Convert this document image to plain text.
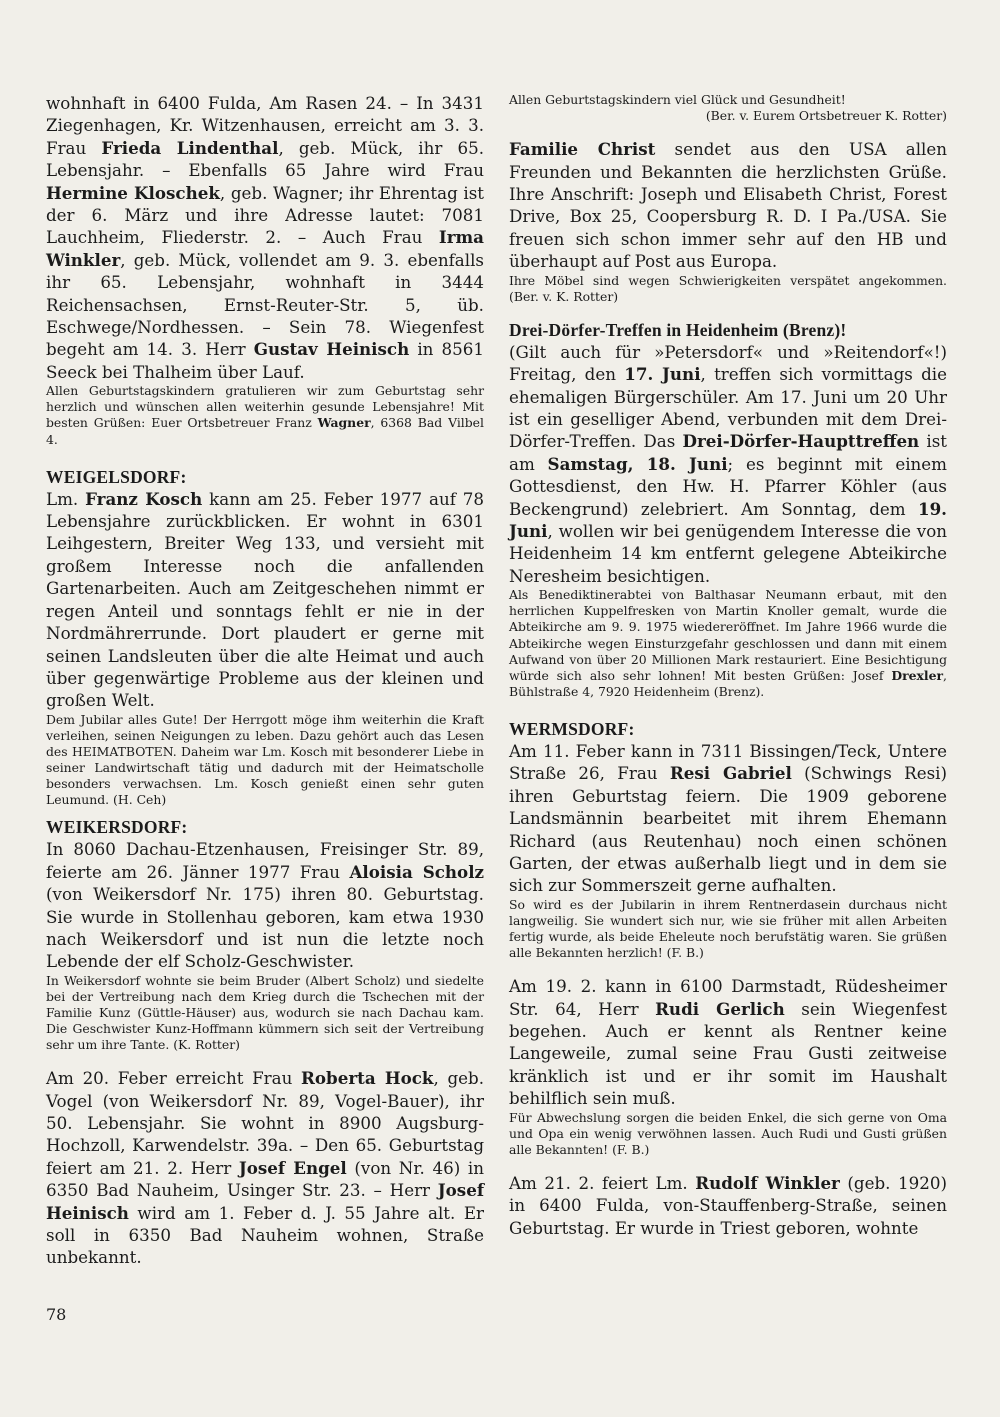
wohnhaft in 6400 Fulda, Am Rasen 24. – In 3431 Ziegenhagen, Kr. Witzenhausen, erreicht am 3. 3. Frau Frieda Lindenthal, geb. Mück, ihr 65. Lebensjahr. – Ebenfalls 65 Jahre wird Frau Hermine Kloschek, geb. Wagner; ihr Ehrentag ist der 6. März und ihre Adresse lautet: 7081 Lauchheim, Fliederstr. 2. – Auch Frau Irma Winkler, geb. Mück, vollendet am 9. 3. ebenfalls ihr 65. Lebensjahr, wohnhaft in 3444 Reichensachsen, Ernst-Reuter-Str. 5, üb. Eschwege/Nordhessen. – Sein 78. Wiegenfest begeht am 14. 3. Herr Gustav Heinisch in 8561 Seeck bei Thalheim über Lauf.

Allen Geburtstagskindern gratulieren wir zum Geburtstag sehr herzlich und wünschen allen weiterhin gesunde Lebensjahre! Mit besten Grüßen: Euer Ortsbetreuer Franz Wagner, 6368 Bad Vilbel 4.

WEIGELSDORF:

Lm. Franz Kosch kann am 25. Feber 1977 auf 78 Lebensjahre zurückblicken. Er wohnt in 6301 Leihgestern, Breiter Weg 133, und versieht mit großem Interesse noch die anfallenden Gartenarbeiten. Auch am Zeitgeschehen nimmt er regen Anteil und sonntags fehlt er nie in der Nordmährerrunde. Dort plaudert er gerne mit seinen Landsleuten über die alte Heimat und auch über gegenwärtige Probleme aus der kleinen und großen Welt.

Dem Jubilar alles Gute! Der Herrgott möge ihm weiterhin die Kraft verleihen, seinen Neigungen zu leben. Dazu gehört auch das Lesen des HEIMATBOTEN. Daheim war Lm. Kosch mit besonderer Liebe in seiner Landwirtschaft tätig und dadurch mit der Heimatscholle besonders verwachsen. Lm. Kosch genießt einen sehr guten Leumund. (H. Ceh)

WEIKERSDORF:

In 8060 Dachau-Etzenhausen, Freisinger Str. 89, feierte am 26. Jänner 1977 Frau Aloisia Scholz (von Weikersdorf Nr. 175) ihren 80. Geburtstag. Sie wurde in Stollenhau geboren, kam etwa 1930 nach Weikersdorf und ist nun die letzte noch Lebende der elf Scholz-Geschwister.

In Weikersdorf wohnte sie beim Bruder (Albert Scholz) und siedelte bei der Vertreibung nach dem Krieg durch die Tschechen mit der Familie Kunz (Güttle-Häuser) aus, wodurch sie nach Dachau kam. Die Geschwister Kunz-Hoffmann kümmern sich seit der Vertreibung sehr um ihre Tante. (K. Rotter)

Am 20. Feber erreicht Frau Roberta Hock, geb. Vogel (von Weikersdorf Nr. 89, Vogel-Bauer), ihr 50. Lebensjahr. Sie wohnt in 8900 Augsburg-Hochzoll, Karwendelstr. 39a. – Den 65. Geburtstag feiert am 21. 2. Herr Josef Engel (von Nr. 46) in 6350 Bad Nauheim, Usinger Str. 23. – Herr Josef Heinisch wird am 1. Feber d. J. 55 Jahre alt. Er soll in 6350 Bad Nauheim wohnen, Straße unbekannt.

Allen Geburtstagskindern viel Glück und Gesundheit!

(Ber. v. Eurem Ortsbetreuer K. Rotter)

Familie Christ sendet aus den USA allen Freunden und Bekannten die herzlichsten Grüße. Ihre Anschrift: Joseph und Elisabeth Christ, Forest Drive, Box 25, Coopersburg R. D. I Pa./USA. Sie freuen sich schon immer sehr auf den HB und überhaupt auf Post aus Europa.

Ihre Möbel sind wegen Schwierigkeiten verspätet angekommen. (Ber. v. K. Rotter)

Drei-Dörfer-Treffen in Heidenheim (Brenz)!

(Gilt auch für »Petersdorf« und »Reitendorf«!) Freitag, den 17. Juni, treffen sich vormittags die ehemaligen Bürgerschüler. Am 17. Juni um 20 Uhr ist ein geselliger Abend, verbunden mit dem Drei-Dörfer-Treffen. Das Drei-Dörfer-Haupttreffen ist am Samstag, 18. Juni; es beginnt mit einem Gottesdienst, den Hw. H. Pfarrer Köhler (aus Beckengrund) zelebriert. Am Sonntag, dem 19. Juni, wollen wir bei genügendem Interesse die von Heidenheim 14 km entfernt gelegene Abteikirche Neresheim besichtigen.

Als Benediktinerabtei von Balthasar Neumann erbaut, mit den herrlichen Kuppelfresken von Martin Knoller gemalt, wurde die Abteikirche am 9. 9. 1975 wiedereröffnet. Im Jahre 1966 wurde die Abteikirche wegen Einsturzgefahr geschlossen und dann mit einem Aufwand von über 20 Millionen Mark restauriert. Eine Besichtigung würde sich also sehr lohnen! Mit besten Grüßen: Josef Drexler, Bühlstraße 4, 7920 Heidenheim (Brenz).

WERMSDORF:

Am 11. Feber kann in 7311 Bissingen/Teck, Untere Straße 26, Frau Resi Gabriel (Schwings Resi) ihren Geburtstag feiern. Die 1909 geborene Landsmännin bearbeitet mit ihrem Ehemann Richard (aus Reutenhau) noch einen schönen Garten, der etwas außerhalb liegt und in dem sie sich zur Sommerszeit gerne aufhalten.

So wird es der Jubilarin in ihrem Rentnerdasein durchaus nicht langweilig. Sie wundert sich nur, wie sie früher mit allen Arbeiten fertig wurde, als beide Eheleute noch berufstätig waren. Sie grüßen alle Bekannten herzlich! (F. B.)

Am 19. 2. kann in 6100 Darmstadt, Rüdesheimer Str. 64, Herr Rudi Gerlich sein Wiegenfest begehen. Auch er kennt als Rentner keine Langeweile, zumal seine Frau Gusti zeitweise kränklich ist und er ihr somit im Haushalt behilflich sein muß.

Für Abwechslung sorgen die beiden Enkel, die sich gerne von Oma und Opa ein wenig verwöhnen lassen. Auch Rudi und Gusti grüßen alle Bekannten! (F. B.)

Am 21. 2. feiert Lm. Rudolf Winkler (geb. 1920) in 6400 Fulda, von-Stauffenberg-Straße, seinen Geburtstag. Er wurde in Triest geboren, wohnte

78
